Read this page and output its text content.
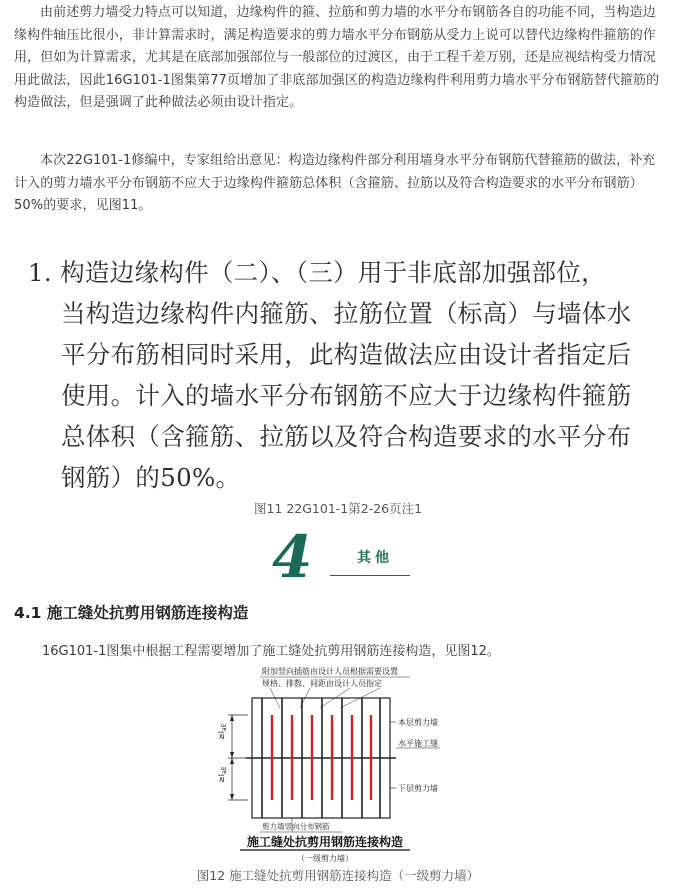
由前述剪力墙受力特点可以知道，边缘构件的箍、拉筋和剪力墙的水平分布钢筋各自的功能不同，当构造边缘构件轴压比很小，非计算需求时，满足构造要求的剪力墙水平分布钢筋从受力上说可以替代边缘构件箍筋的作用，但如为计算需求，尤其是在底部加强部位与一般部位的过渡区，由于工程千差万别，还是应视结构受力情况用此做法，因此16G101-1图集第77页增加了非底部加强区的构造边缘构件利用剪力墙水平分布钢筋替代箍筋的构造做法，但是强调了此种做法必须由设计指定。

本次22G101-1修编中，专家组给出意见：构造边缘构件部分利用墙身水平分布钢筋代替箍筋的做法，补充计入的剪力墙水平分布钢筋不应大于边缘构件箍筋总体积（含箍筋、拉筋以及符合构造要求的水平分布钢筋）50%的要求，见图11。

1. 构造边缘构件（二）、（三）用于非底部加强部位，
当构造边缘构件内箍筋、拉筋位置（标高）与墙体水平分布筋相同时采用，此构造做法应由设计者指定后使用。计入的墙水平分布钢筋不应大于边缘构件箍筋总体积（含箍筋、拉筋以及符合构造要求的水平分布钢筋）的50%。

图11 22G101-1第2-26页注1

4	其他
4.1 施工缝处抗剪用钢筋连接构造

16G101-1图集中根据工程需要增加了施工缝处抗剪用钢筋连接构造，见图12。

附加竖向插筋由设计人员根据需要设置
规格、排数、间距由设计人员指定
$\ge l_{aE}$
$\ge l_{aE}$
本层剪力墙
水平施工缝
下层剪力墙
剪力墙竖向分布钢筋
施工缝处抗剪用钢筋连接构造
（一级剪力墙）

图12 施工缝处抗剪用钢筋连接构造（一级剪力墙）
